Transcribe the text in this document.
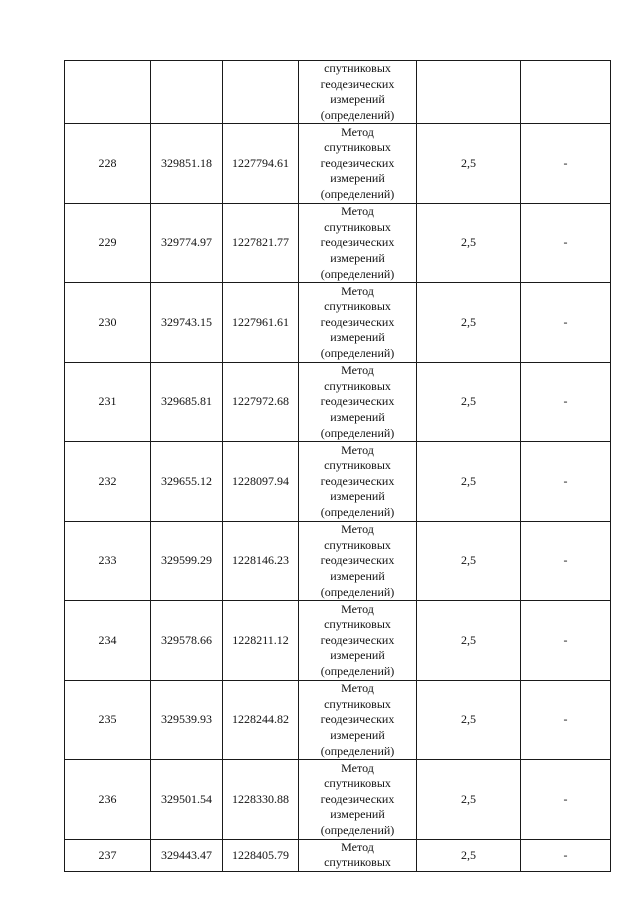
			спутниковых
геодезических
измерений
(определений)		

228	329851.18	1227794.61	Метод
спутниковых
геодезических
измерений
(определений)	2,5	-
229	329774.97	1227821.77	Метод
спутниковых
геодезических
измерений
(определений)	2,5	-
230	329743.15	1227961.61	Метод
спутниковых
геодезических
измерений
(определений)	2,5	-
231	329685.81	1227972.68	Метод
спутниковых
геодезических
измерений
(определений)	2,5	-
232	329655.12	1228097.94	Метод
спутниковых
геодезических
измерений
(определений)	2,5	-
233	329599.29	1228146.23	Метод
спутниковых
геодезических
измерений
(определений)	2,5	-
234	329578.66	1228211.12	Метод
спутниковых
геодезических
измерений
(определений)	2,5	-
235	329539.93	1228244.82	Метод
спутниковых
геодезических
измерений
(определений)	2,5	-
236	329501.54	1228330.88	Метод
спутниковых
геодезических
измерений
(определений)	2,5	-
237	329443.47	1228405.79	Метод
спутниковых	2,5	-
